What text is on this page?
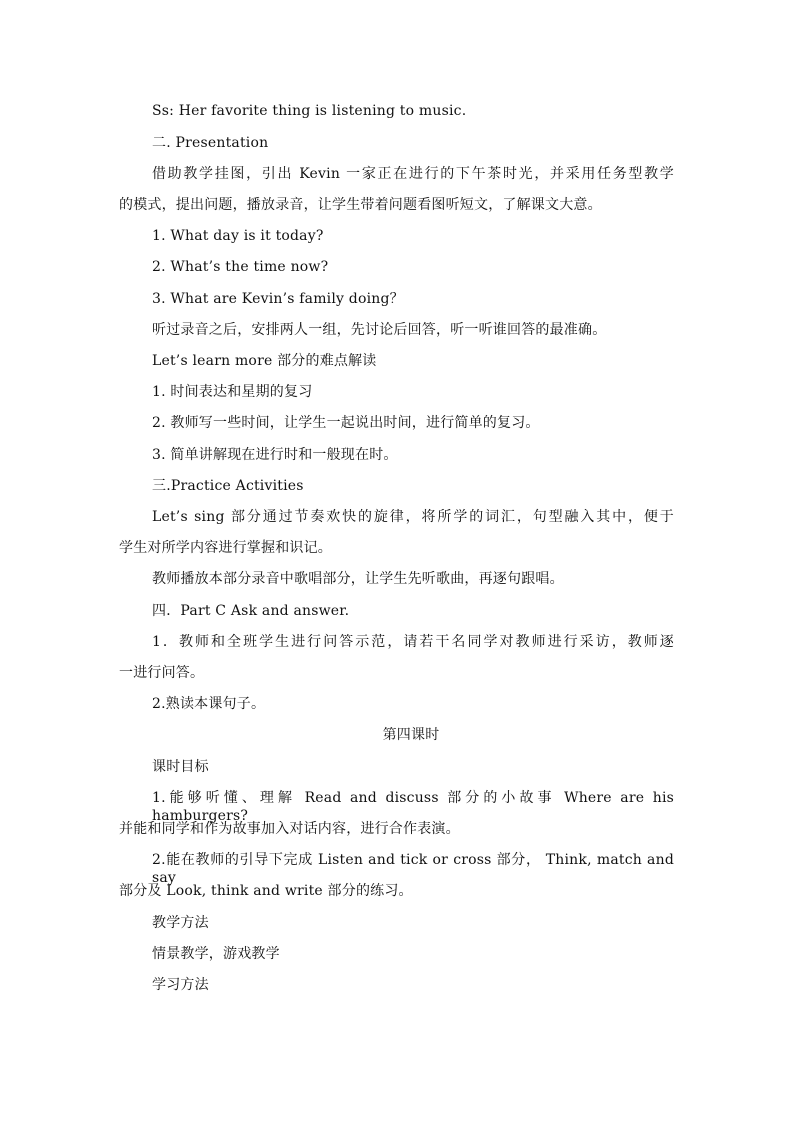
Ss: Her favorite thing is listening to music.
二. Presentation
借助教学挂图，引出 Kevin 一家正在进行的下午茶时光，并采用任务型教学
的模式，提出问题，播放录音，让学生带着问题看图听短文，了解课文大意。
1. What day is it today?
2. What’s the time now?
3. What are Kevin’s family doing？
听过录音之后，安排两人一组，先讨论后回答，听一听谁回答的最准确。
Let’s learn more 部分的难点解读
1. 时间表达和星期的复习
2. 教师写一些时间，让学生一起说出时间，进行简单的复习。
3. 简单讲解现在进行时和一般现在时。
三.Practice Activities
Let’s sing 部分通过节奏欢快的旋律，将所学的词汇，句型融入其中，便于
学生对所学内容进行掌握和识记。
教师播放本部分录音中歌唱部分，让学生先听歌曲，再逐句跟唱。
四．Part C Ask and answer.
1．教师和全班学生进行问答示范，请若干名同学对教师进行采访，教师逐
一进行问答。
2.熟读本课句子。
第四课时
课时目标
1.能够听懂、理解 Read and discuss 部分的小故事 Where are his hamburgers?
并能和同学和作为故事加入对话内容，进行合作表演。
2.能在教师的引导下完成 Listen and tick or cross 部分， Think, match and say
部分及 Look, think and write 部分的练习。
教学方法
情景教学，游戏教学
学习方法
